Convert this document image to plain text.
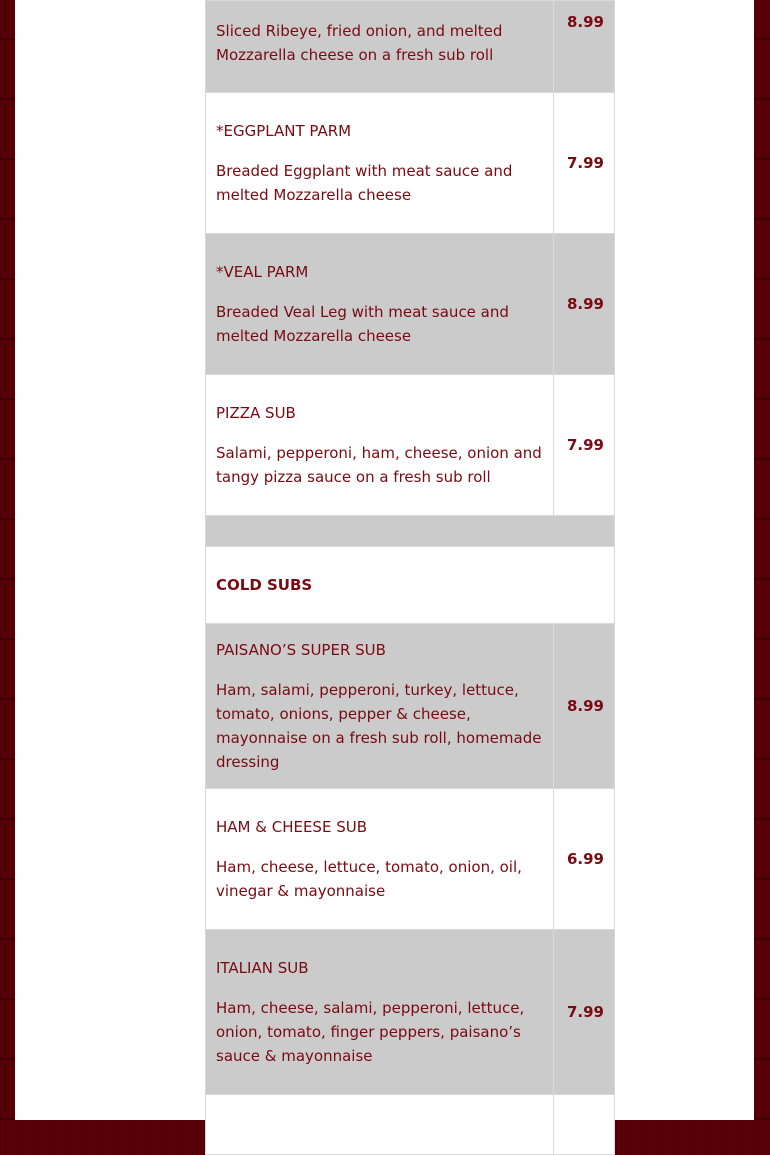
Sliced Ribeye, fried onion, and melted Mozzarella cheese on a fresh sub roll	8.99

*EGGPLANT PARM

Breaded Eggplant with meat sauce and melted Mozzarella cheese	7.99

*VEAL PARM

Breaded Veal Leg with meat sauce and melted Mozzarella cheese	8.99

PIZZA SUB

Salami, pepperoni, ham, cheese, onion and tangy pizza sauce on a fresh sub roll	7.99

COLD SUBS	

PAISANO’S SUPER SUB

Ham, salami, pepperoni, turkey, lettuce, tomato, onions, pepper & cheese, mayonnaise on a fresh sub roll, homemade dressing	8.99

HAM & CHEESE SUB

Ham, cheese, lettuce, tomato, onion, oil, vinegar & mayonnaise	6.99

ITALIAN SUB

Ham, cheese, salami, pepperoni, lettuce, onion, tomato, finger peppers, paisano’s sauce & mayonnaise	7.99
